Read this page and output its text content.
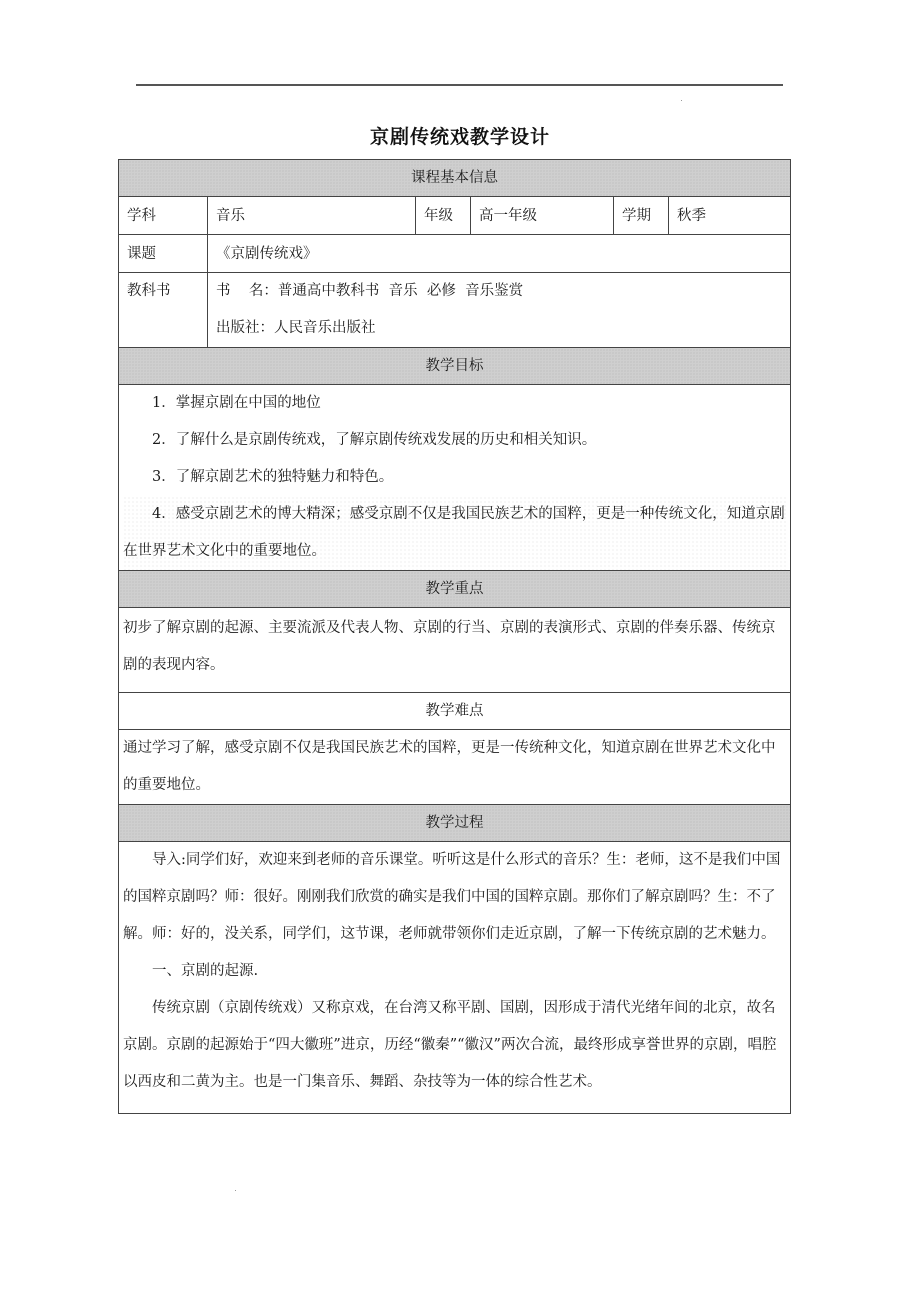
京剧传统戏教学设计
课程基本信息					
学科	音乐	年级	高一年级	学期	秋季
课题	《京剧传统戏》				
教科书	书    名：普通高中教科书  音乐  必修  音乐鉴赏

出版社：人民音乐出版社				

教学目标					

1．掌握京剧在中国的地位

2．了解什么是京剧传统戏，了解京剧传统戏发展的历史和相关知识。

3．了解京剧艺术的独特魅力和特色。

4．感受京剧艺术的博大精深；感受京剧不仅是我国民族艺术的国粹，更是一种传统文化，知道京剧在世界艺术文化中的重要地位。					

教学重点					

初步了解京剧的起源、主要流派及代表人物、京剧的行当、京剧的表演形式、京剧的伴奏乐器、传统京剧的表现内容。					

教学难点					

通过学习了解，感受京剧不仅是我国民族艺术的国粹，更是一传统种文化，知道京剧在世界艺术文化中的重要地位。					

教学过程					

导入:同学们好，欢迎来到老师的音乐课堂。听听这是什么形式的音乐？生：老师，这不是我们中国的国粹京剧吗？师：很好。刚刚我们欣赏的确实是我们中国的国粹京剧。那你们了解京剧吗？生：不了解。师：好的，没关系，同学们，这节课，老师就带领你们走近京剧，了解一下传统京剧的艺术魅力。

一、京剧的起源.

传统京剧（京剧传统戏）又称京戏，在台湾又称平剧、国剧，因形成于清代光绪年间的北京，故名京剧。京剧的起源始于“四大徽班”进京，历经“徽秦”“徽汉”两次合流，最终形成享誉世界的京剧，唱腔以西皮和二黄为主。也是一门集音乐、舞蹈、杂技等为一体的综合性艺术。					
